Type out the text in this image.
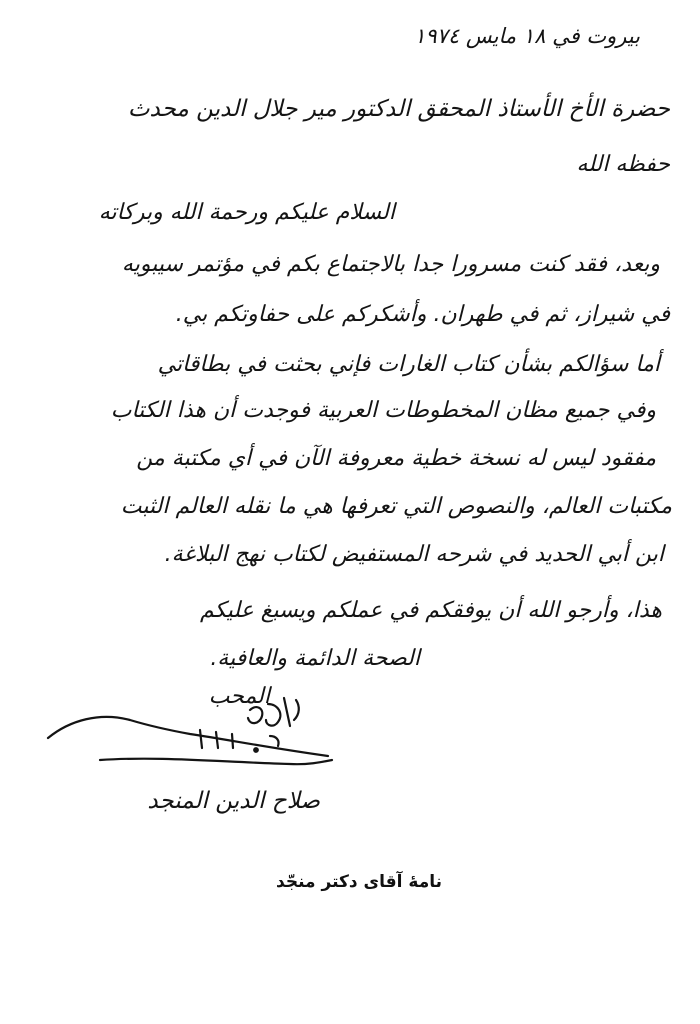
بيروت في ١٨ مايس ١٩٧٤
حضرة الأخ الأستاذ المحقق الدكتور مير جلال الدين محدث
حفظه الله
السلام عليكم ورحمة الله وبركاته
وبعد، فقد كنت مسرورا جدا بالاجتماع بكم في مؤتمر سيبويه
في شيراز، ثم في طهران. وأشكركم على حفاوتكم بي.
أما سؤالكم بشأن كتاب الغارات فإني بحثت في بطاقاتي
وفي جميع مظان المخطوطات العربية فوجدت أن هذا الكتاب
مفقود ليس له نسخة خطية معروفة الآن في أي مكتبة من
مكتبات العالم، والنصوص التي تعرفها هي ما نقله العالم الثبت
ابن أبي الحديد في شرحه المستفيض لكتاب نهج البلاغة.
هذا، وأرجو الله أن يوفقكم في عملكم ويسبغ عليكم
الصحة الدائمة والعافية.
المحب
صلاح الدين المنجد
نامهٔ آقای دکتر منجّد
